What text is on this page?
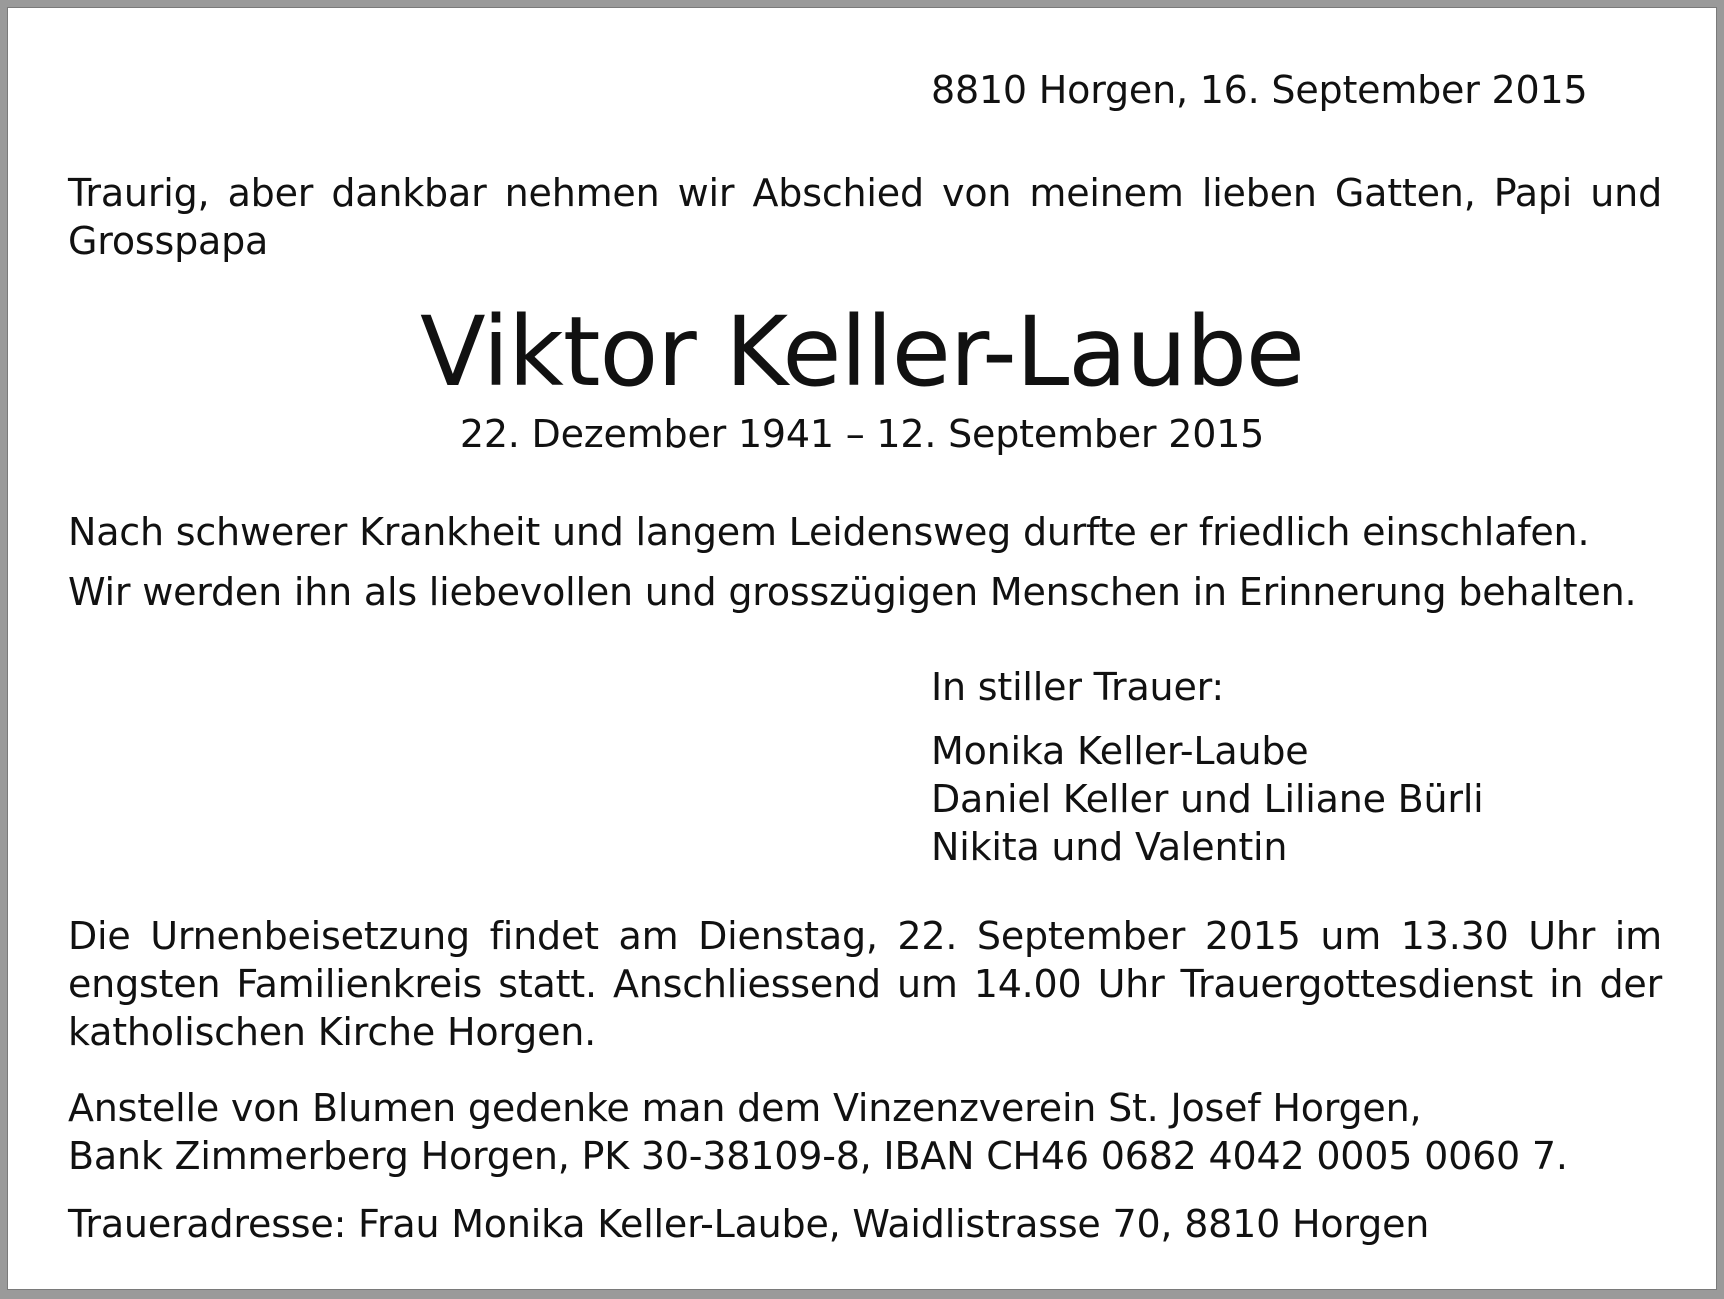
8810 Horgen, 16. September 2015
Traurig, aber dankbar nehmen wir Abschied von meinem lieben Gatten, Papi und Grosspapa
Viktor Keller-Laube
22. Dezember 1941 – 12. September 2015
Nach schwerer Krankheit und langem Leidensweg durfte er friedlich einschlafen.
Wir werden ihn als liebevollen und grosszügigen Menschen in Erinnerung behalten.
In stiller Trauer:
Monika Keller-Laube
Daniel Keller und Liliane Bürli
Nikita und Valentin
Die Urnenbeisetzung findet am Dienstag, 22. September 2015 um 13.30 Uhr im engsten Familienkreis statt. Anschliessend um 14.00 Uhr Trauergottesdienst in der katholischen Kirche Horgen.
Anstelle von Blumen gedenke man dem Vinzenzverein St. Josef Horgen,
Bank Zimmerberg Horgen, PK 30-38109-8, IBAN CH46 0682 4042 0005 0060 7.
Traueradresse: Frau Monika Keller-Laube, Waidlistrasse 70, 8810 Horgen
